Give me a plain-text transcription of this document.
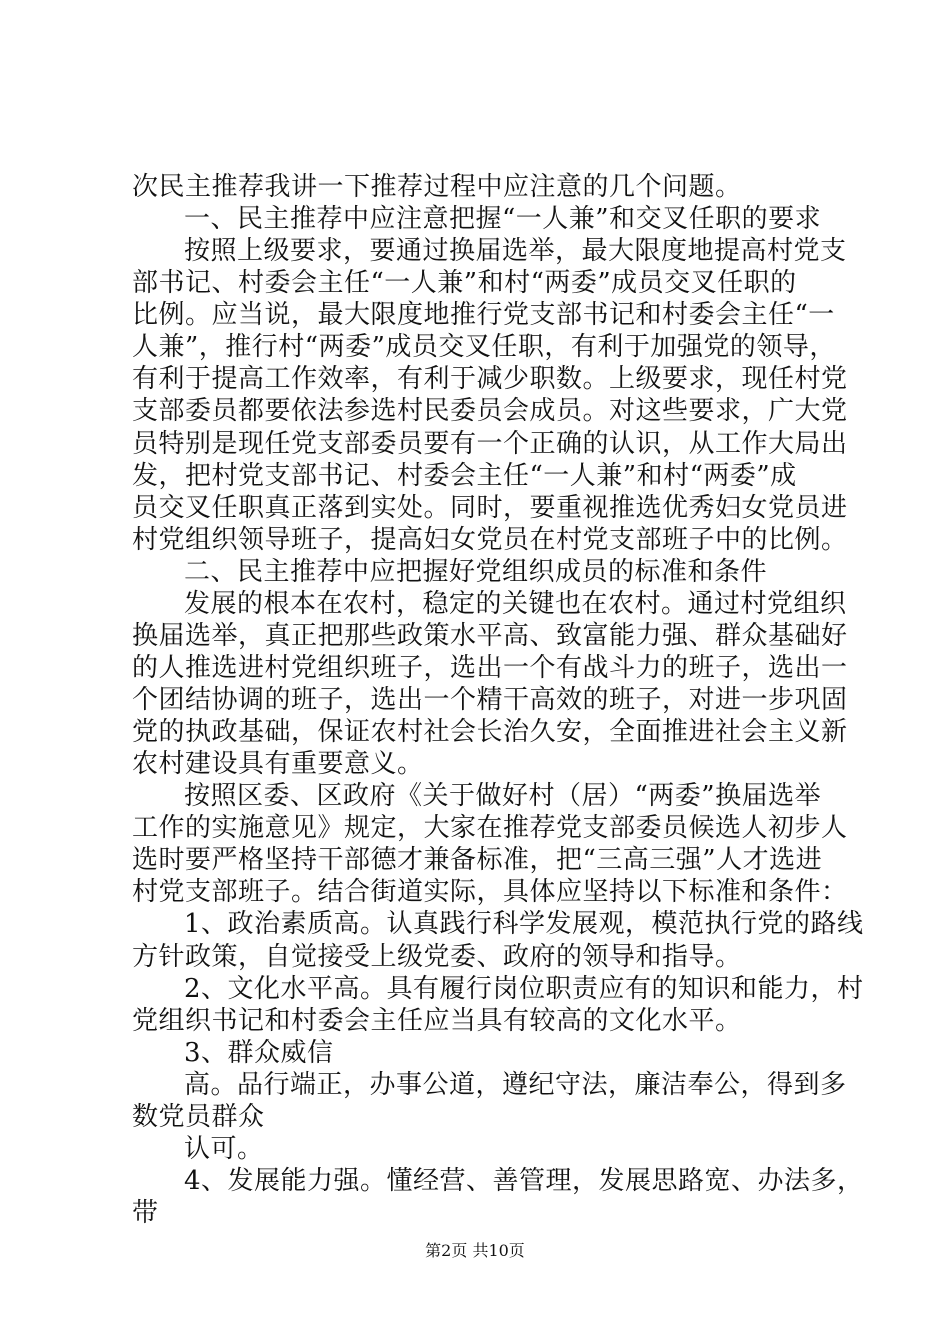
次民主推荐我讲一下推荐过程中应注意的几个问题。
一、民主推荐中应注意把握“一人兼”和交叉任职的要求
按照上级要求，要通过换届选举，最大限度地提高村党支
部书记、村委会主任“一人兼”和村“两委”成员交叉任职的
比例。应当说，最大限度地推行党支部书记和村委会主任“一
人兼”，推行村“两委”成员交叉任职，有利于加强党的领导，
有利于提高工作效率，有利于减少职数。上级要求，现任村党
支部委员都要依法参选村民委员会成员。对这些要求，广大党
员特别是现任党支部委员要有一个正确的认识，从工作大局出
发，把村党支部书记、村委会主任“一人兼”和村“两委”成
员交叉任职真正落到实处。同时，要重视推选优秀妇女党员进
村党组织领导班子，提高妇女党员在村党支部班子中的比例。
二、民主推荐中应把握好党组织成员的标准和条件
发展的根本在农村，稳定的关键也在农村。通过村党组织
换届选举，真正把那些政策水平高、致富能力强、群众基础好
的人推选进村党组织班子，选出一个有战斗力的班子，选出一
个团结协调的班子，选出一个精干高效的班子，对进一步巩固
党的执政基础，保证农村社会长治久安，全面推进社会主义新
农村建设具有重要意义。
按照区委、区政府《关于做好村（居）“两委”换届选举
工作的实施意见》规定，大家在推荐党支部委员候选人初步人
选时要严格坚持干部德才兼备标准，把“三高三强”人才选进
村党支部班子。结合街道实际，具体应坚持以下标准和条件：
1、政治素质高。认真践行科学发展观，模范执行党的路线
方针政策，自觉接受上级党委、政府的领导和指导。
2、文化水平高。具有履行岗位职责应有的知识和能力，村
党组织书记和村委会主任应当具有较高的文化水平。
3、群众威信
高。品行端正，办事公道，遵纪守法，廉洁奉公，得到多
数党员群众
认可。
4、发展能力强。懂经营、善管理，发展思路宽、办法多，
带
第2页 共10页
